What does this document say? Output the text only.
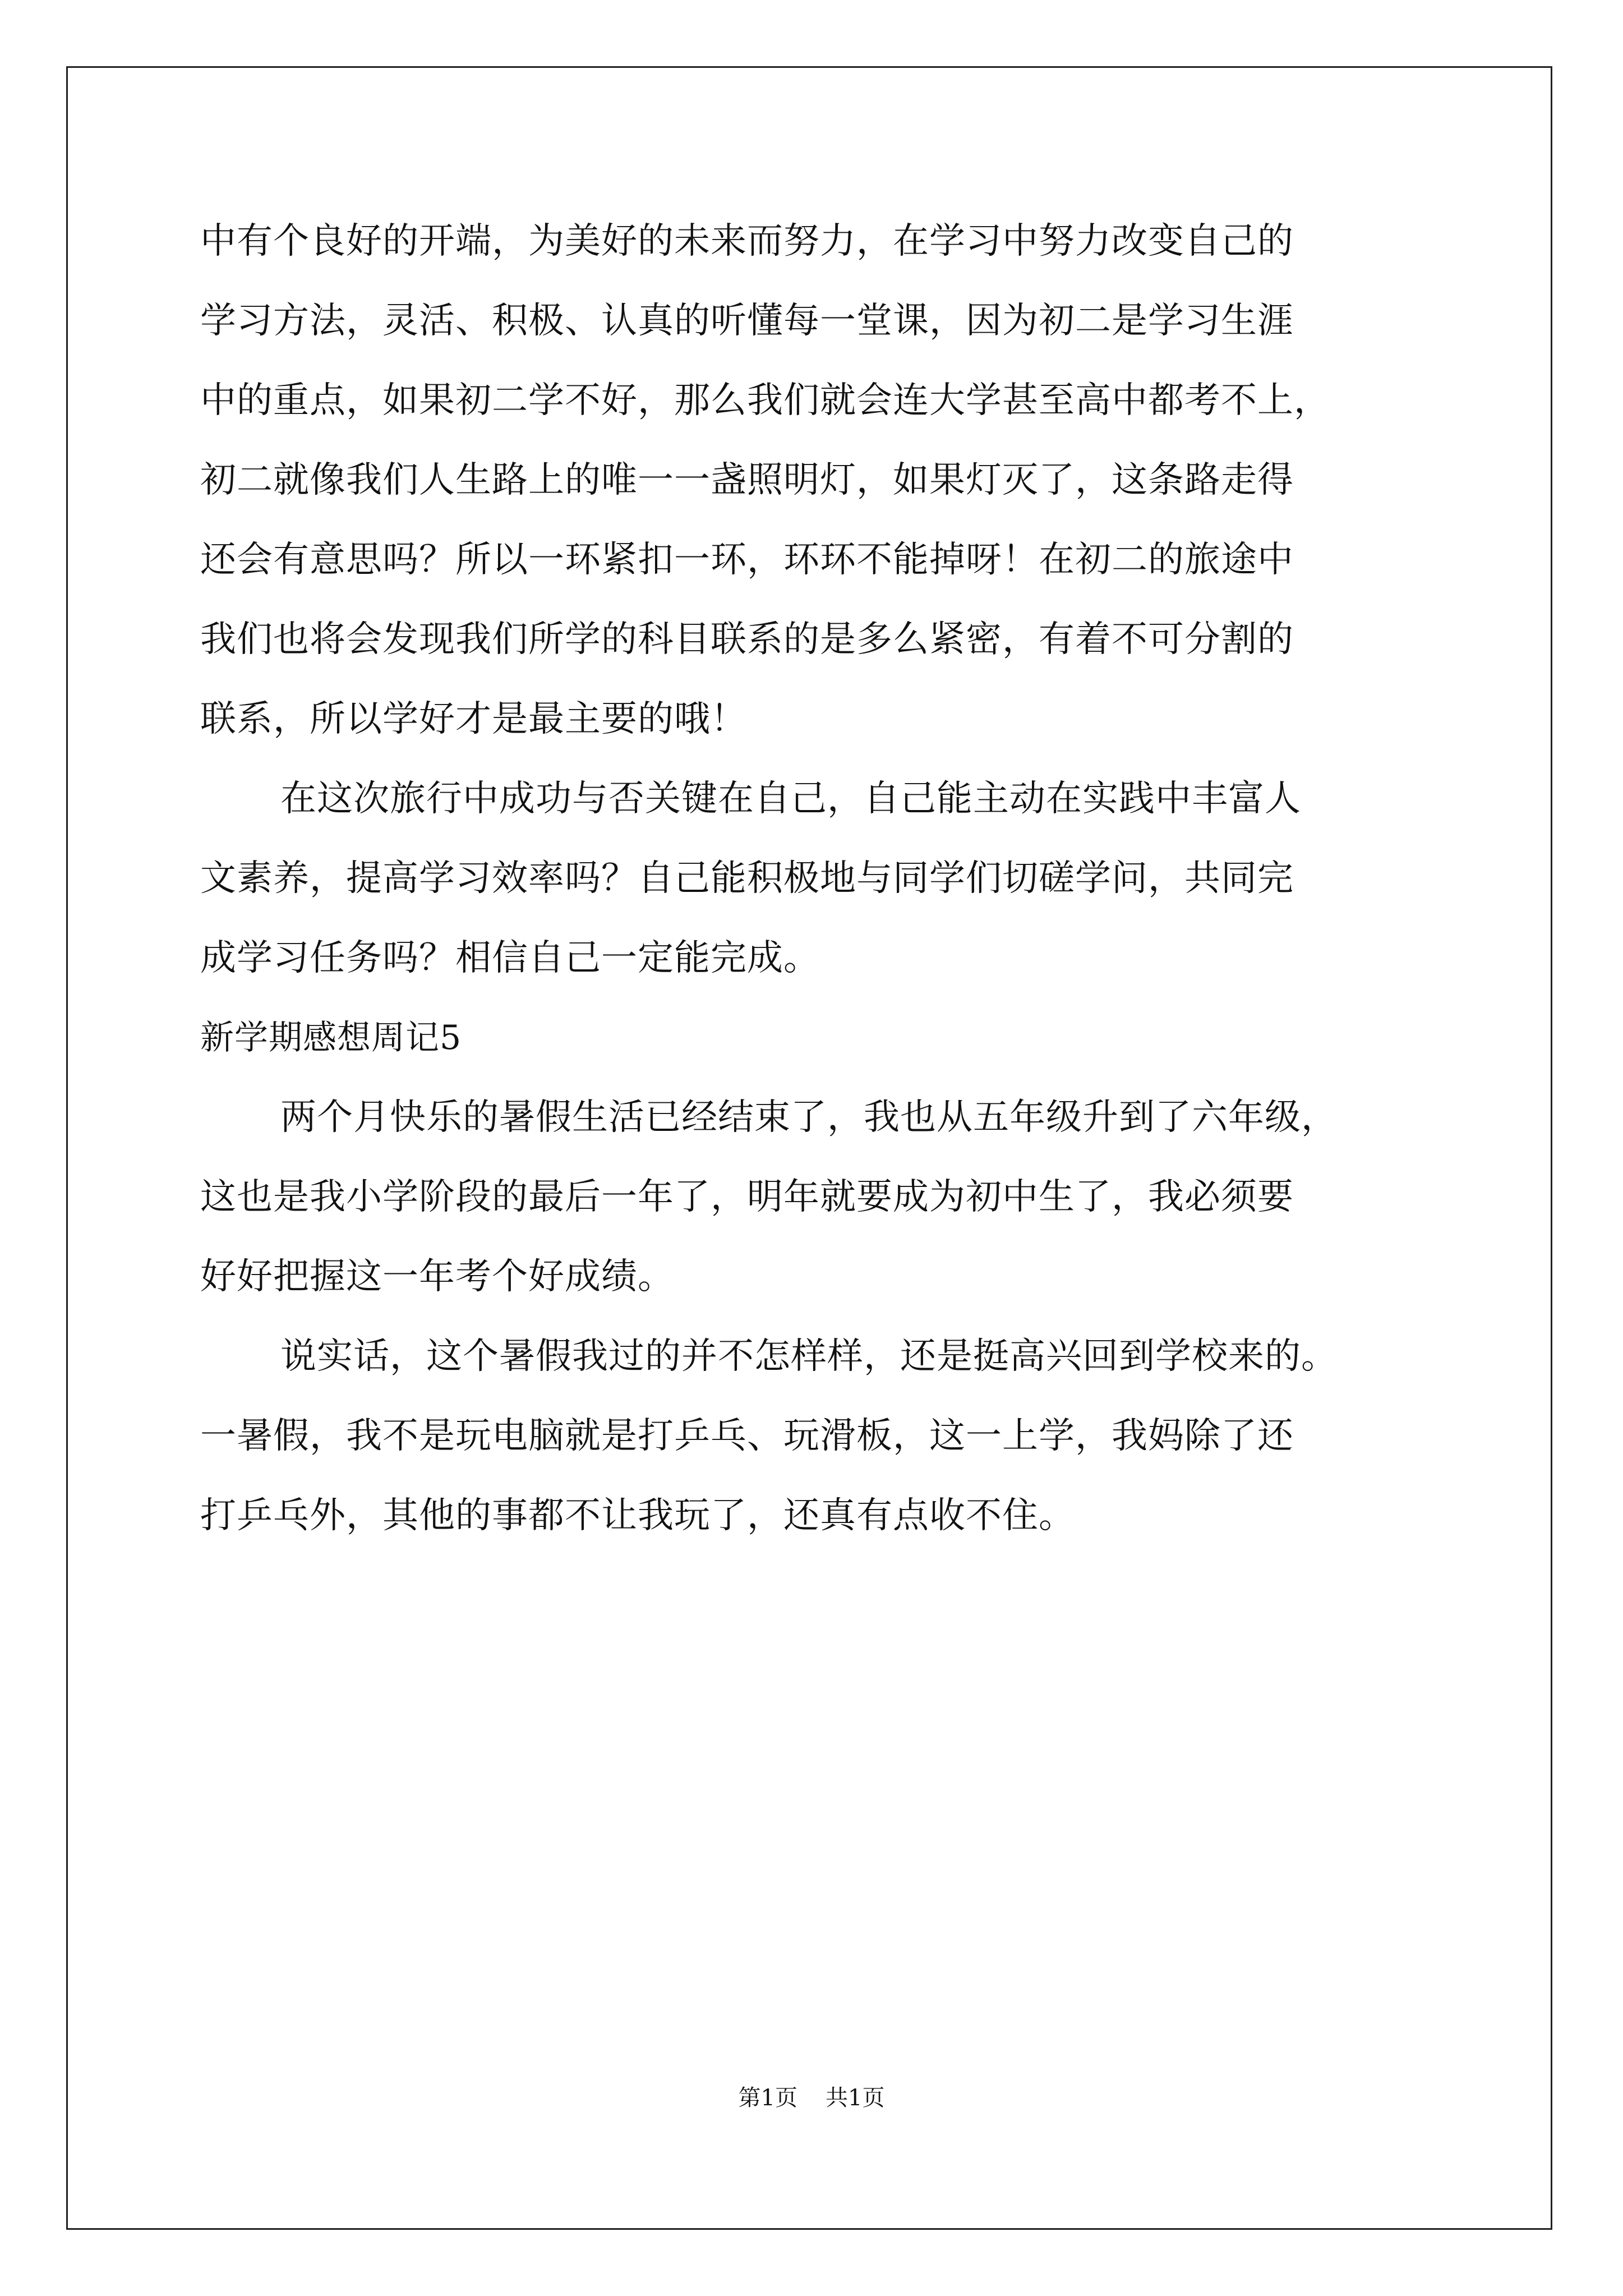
中有个良好的开端，为美好的未来而努力，在学习中努力改变自己的
学习方法，灵活、积极、认真的听懂每一堂课，因为初二是学习生涯
中的重点，如果初二学不好，那么我们就会连大学甚至高中都考不上，
初二就像我们人生路上的唯一一盏照明灯，如果灯灭了，这条路走得
还会有意思吗？所以一环紧扣一环，环环不能掉呀！在初二的旅途中
我们也将会发现我们所学的科目联系的是多么紧密，有着不可分割的
联系，所以学好才是最主要的哦！
在这次旅行中成功与否关键在自己，自己能主动在实践中丰富人
文素养，提高学习效率吗？自己能积极地与同学们切磋学问，共同完
成学习任务吗？相信自己一定能完成。
新学期感想周记5
两个月快乐的暑假生活已经结束了，我也从五年级升到了六年级，
这也是我小学阶段的最后一年了，明年就要成为初中生了，我必须要
好好把握这一年考个好成绩。
说实话，这个暑假我过的并不怎样样，还是挺高兴回到学校来的。
一暑假，我不是玩电脑就是打乒乓、玩滑板，这一上学，我妈除了还
打乒乓外，其他的事都不让我玩了，还真有点收不住。
第1页 共1页
